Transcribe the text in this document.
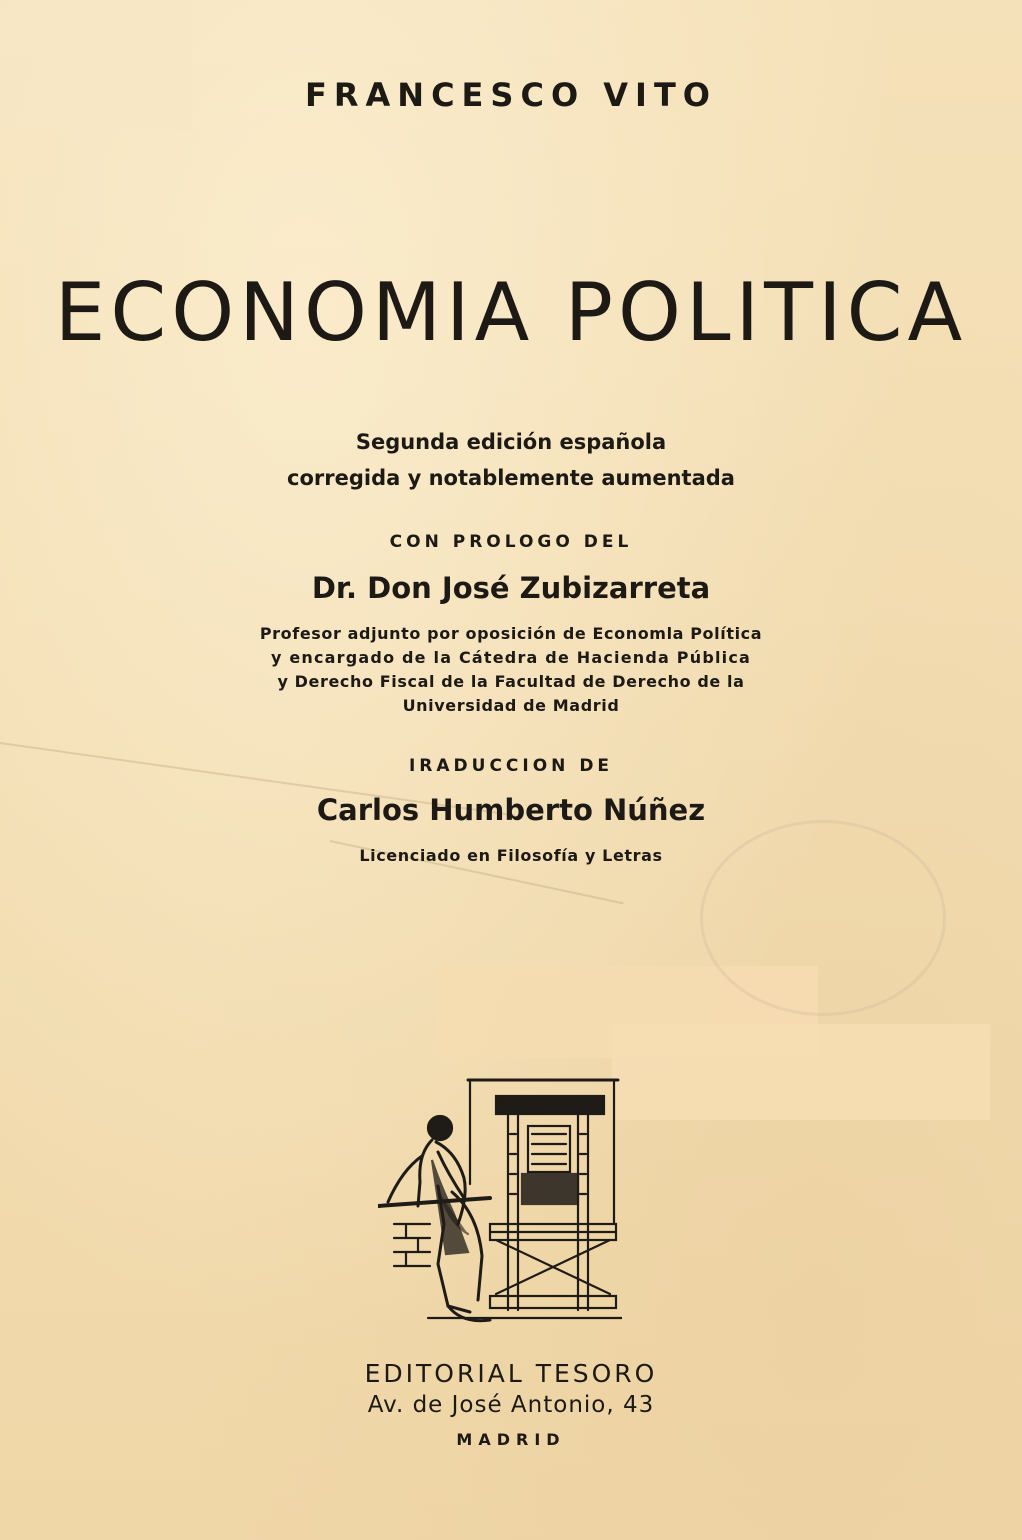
FRANCESCO VITO

ECONOMIA POLITICA

Segunda edición española

corregida y notablemente aumentada

CON PROLOGO DEL

Dr. Don José Zubizarreta

Profesor adjunto por oposición de Economla Política

y encargado de la Cátedra de Hacienda Pública

y Derecho Fiscal de la Facultad de Derecho de la

Universidad de Madrid

IRADUCCION DE

Carlos Humberto Núñez

Licenciado en Filosofía y Letras

EDITORIAL TESORO

Av. de José Antonio, 43

MADRID
